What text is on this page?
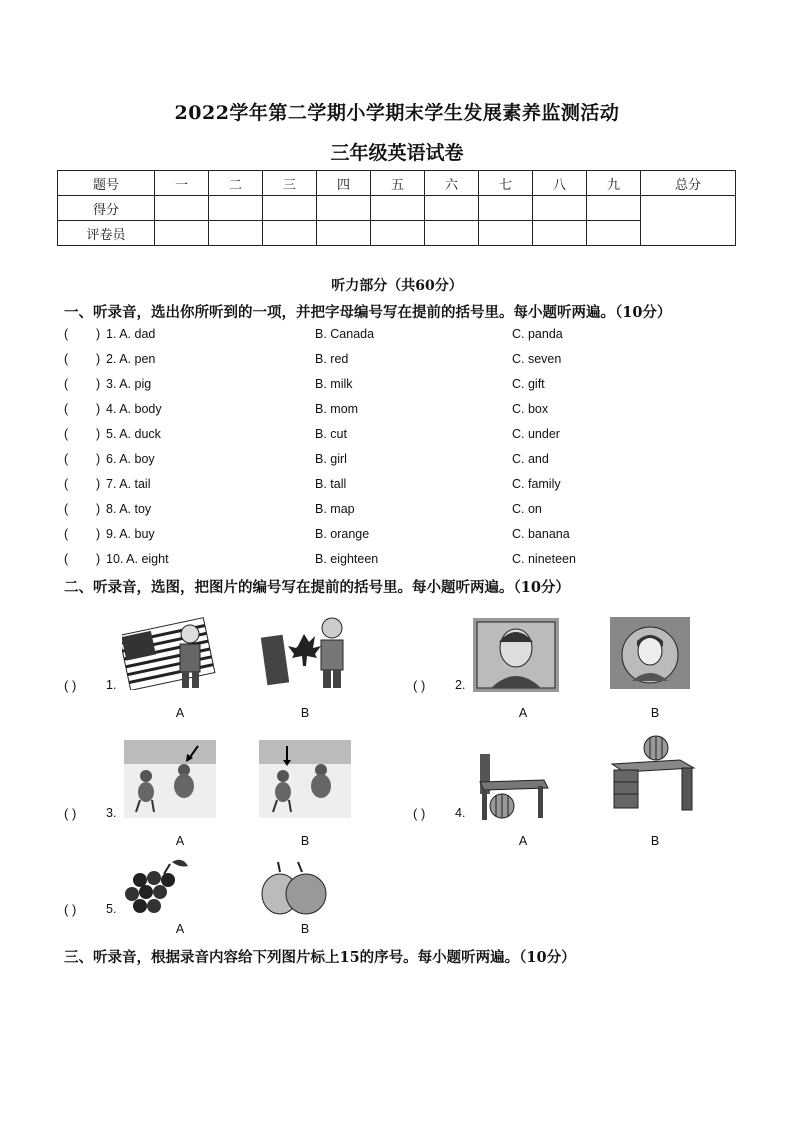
2022学年第二学期小学期末学生发展素养监测活动
三年级英语试卷
题号	一	二	三	四	五	六	七	八	九	总分
得分										
评卷员										
听力部分（共60分）
一、听录音，选出你所听到的一项，并把字母编号写在提前的括号里。每小题听两遍。（10分）
( ) 1. A. dad	B. Canada	C. panda
( ) 2. A. pen	B. red	C. seven
( ) 3. A. pig	B. milk	C. gift
( ) 4. A. body	B. mom	C. box
( ) 5. A. duck	B. cut	C. under
( ) 6. A. boy	B. girl	C. and
( ) 7. A. tail	B. tall	C. family
( ) 8. A. toy	B. map	C. on
( ) 9. A. buy	B. orange	C. banana
( ) 10. A. eight	B. eighteen	C. nineteen
二、听录音，选图，把图片的编号写在提前的括号里。每小题听两遍。（10分）
( ) 1.
A	B
( ) 2.
A	B
( ) 3.
A	B
( ) 4.
A	B
( ) 5.
A	B
三、听录音，根据录音内容给下列图片标上15的序号。每小题听两遍。（10分）
